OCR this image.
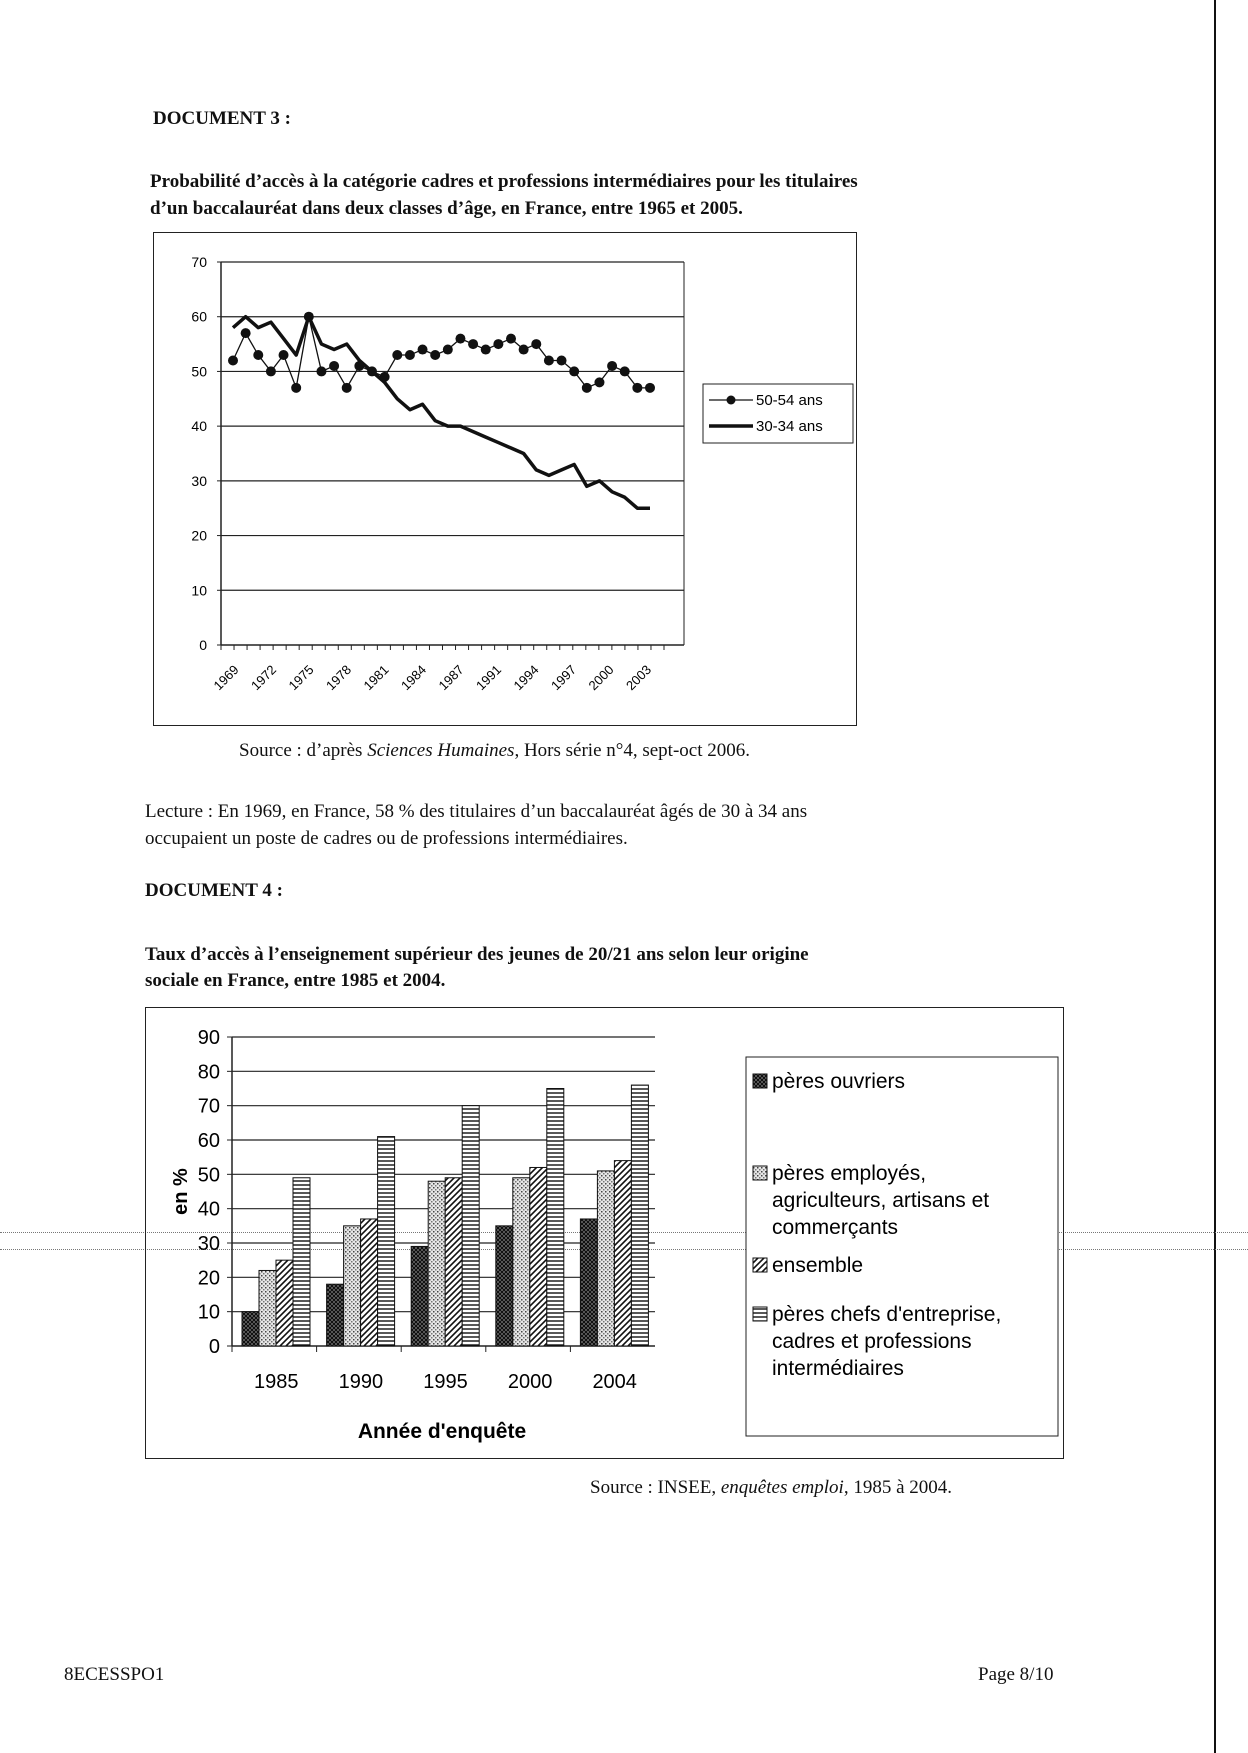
DOCUMENT 3 :
Probabilité d’accès à la catégorie cadres et professions intermédiaires pour les titulaires
d’un baccalauréat dans deux classes d’âge, en France, entre 1965 et 2005.
0
10
20
30
40
50
60
70
1969 1972 1975 1978 1981 1984 1987 1991 1994 1997 2000 2003
50-54 ans
30-34 ans
Source : d’après Sciences Humaines, Hors série n°4, sept-oct 2006.
Lecture : En 1969, en France, 58 % des titulaires d’un baccalauréat âgés de 30 à 34 ans
occupaient un poste de cadres ou de professions intermédiaires.
DOCUMENT 4 :
Taux d’accès à l’enseignement supérieur des jeunes de 20/21 ans selon leur origine
sociale en France, entre 1985 et 2004.
0
10
20
30
40
50
60
70
80
90
en %
Année d'enquête
1985 1990 1995 2000 2004
pères ouvriers
pères employés,
agriculteurs, artisans et
commerçants
ensemble
pères chefs d'entreprise,
cadres et professions
intermédiaires
Source : INSEE, enquêtes emploi, 1985 à 2004.
8ECESSPO1	Page 8/10
